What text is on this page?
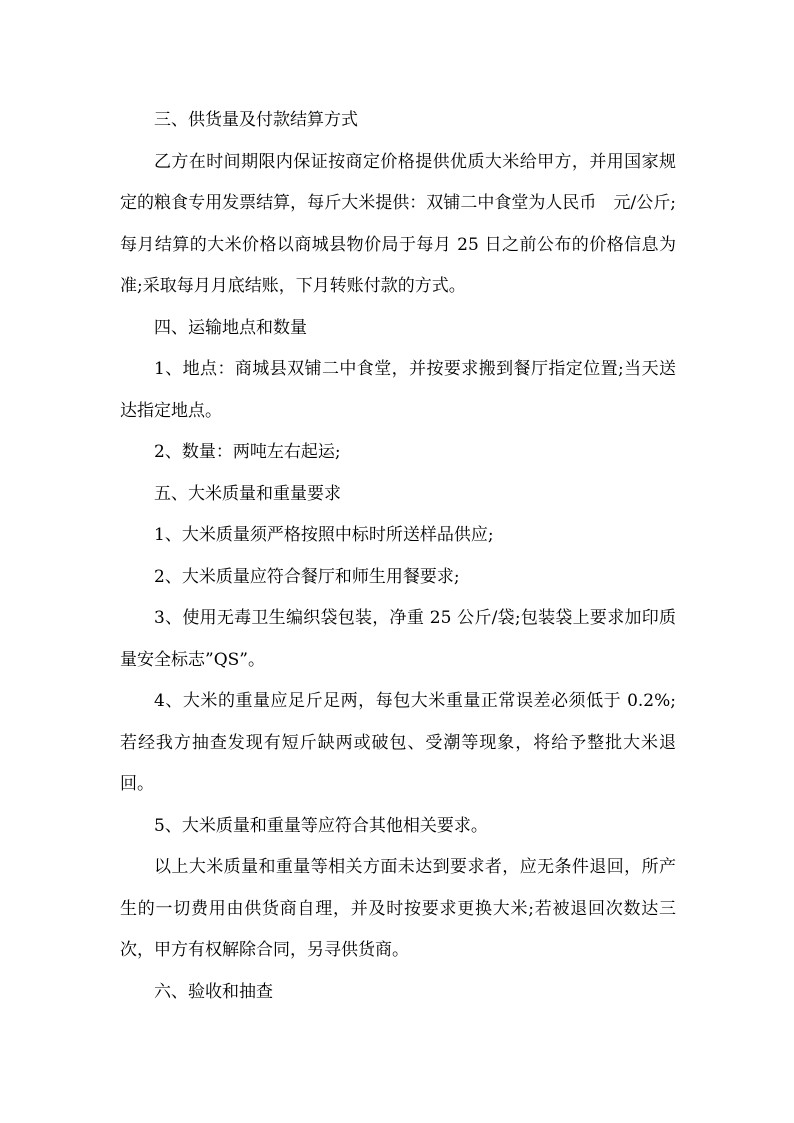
三、供货量及付款结算方式

乙方在时间期限内保证按商定价格提供优质大米给甲方，并用国家规定的粮食专用发票结算，每斤大米提供：双铺二中食堂为人民币　元/公斤;每月结算的大米价格以商城县物价局于每月 25 日之前公布的价格信息为准;采取每月月底结账，下月转账付款的方式。

四、运输地点和数量

1、地点：商城县双铺二中食堂，并按要求搬到餐厅指定位置;当天送达指定地点。

2、数量：两吨左右起运;

五、大米质量和重量要求

1、大米质量须严格按照中标时所送样品供应;

2、大米质量应符合餐厅和师生用餐要求;

3、使用无毒卫生编织袋包装，净重 25 公斤/袋;包装袋上要求加印质量安全标志”QS”。

4、大米的重量应足斤足两，每包大米重量正常误差必须低于 0.2%;若经我方抽查发现有短斤缺两或破包、受潮等现象，将给予整批大米退回。

5、大米质量和重量等应符合其他相关要求。

以上大米质量和重量等相关方面未达到要求者，应无条件退回，所产生的一切费用由供货商自理，并及时按要求更换大米;若被退回次数达三次，甲方有权解除合同，另寻供货商。

六、验收和抽查
